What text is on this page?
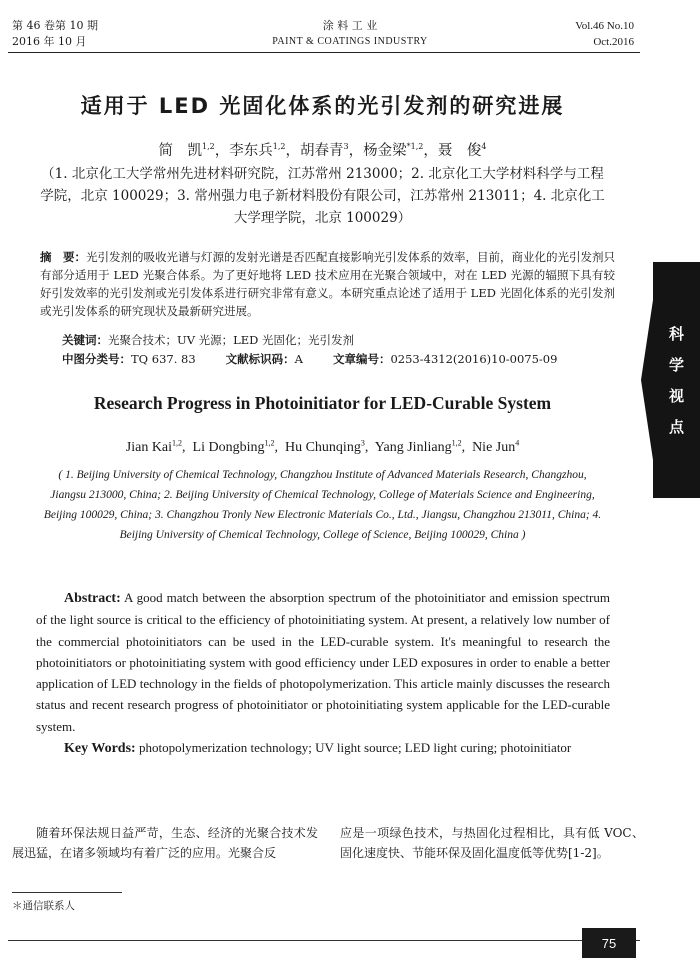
第 46 卷第 10 期
2016 年 10 月
涂 料 工 业
PAINT & COATINGS INDUSTRY
Vol.46 No.10
Oct.2016
适用于 LED 光固化体系的光引发剂的研究进展
简　凯$^{1,2}$，李东兵$^{1,2}$，胡春青$^3$，杨金梁$^{*1,2}$，聂　俊$^4$
（1. 北京化工大学常州先进材料研究院，江苏常州 213000；2. 北京化工大学材料科学与工程学院，北京 100029；3. 常州强力电子新材料股份有限公司，江苏常州 213011；4. 北京化工大学理学院，北京 100029）
摘　要：光引发剂的吸收光谱与灯源的发射光谱是否匹配直接影响光引发体系的效率，目前，商业化的光引发剂只有部分适用于 LED 光聚合体系。为了更好地将 LED 技术应用在光聚合领域中，对在 LED 光源的辐照下具有较好引发效率的光引发剂或光引发体系进行研究非常有意义。本研究重点论述了适用于 LED 光固化体系的光引发剂或光引发体系的研究现状及最新研究进展。
关键词：光聚合技术；UV 光源；LED 光固化；光引发剂
中图分类号：TQ 637. 83	文献标识码：A	文章编号：0253-4312(2016)10-0075-09
科
学
视
点
Research Progress in Photoinitiator for LED-Curable System
Jian Kai$^{1,2}$,  Li Dongbing$^{1,2}$,  Hu Chunqing$^3$,  Yang Jinliang$^{1,2}$,  Nie Jun$^4$
( 1. Beijing University of Chemical Technology, Changzhou Institute of Advanced Materials Research, Changzhou, Jiangsu 213000, China; 2. Beijing University of Chemical Technology, College of Materials Science and Engineering, Beijing 100029, China; 3. Changzhou Tronly New Electronic Materials Co., Ltd., Jiangsu, Changzhou 213011, China; 4. Beijing University of Chemical Technology, College of Science, Beijing 100029, China )
Abstract: A good match between the absorption spectrum of the photoinitiator and emission spectrum of the light source is critical to the efficiency of photoinitiating system. At present, a relatively low number of the commercial photoinitiators can be used in the LED-curable system. It's meaningful to research the photoinitiators or photoinitiating system with good efficiency under LED exposures in order to enable a better application of LED technology in the fields of photopolymerization. This article mainly discusses the research status and recent research progress of photoinitiator or photoinitiating system applicable for the LED-curable system.
Key Words: photopolymerization technology; UV light source; LED light curing; photoinitiator
随着环保法规日益严苛，生态、经济的光聚合技术发展迅猛，在诸多领域均有着广泛的应用。光聚合反
应是一项绿色技术，与热固化过程相比，具有低 VOC、固化速度快、节能环保及固化温度低等优势[1-2]。
＊通信联系人
75
